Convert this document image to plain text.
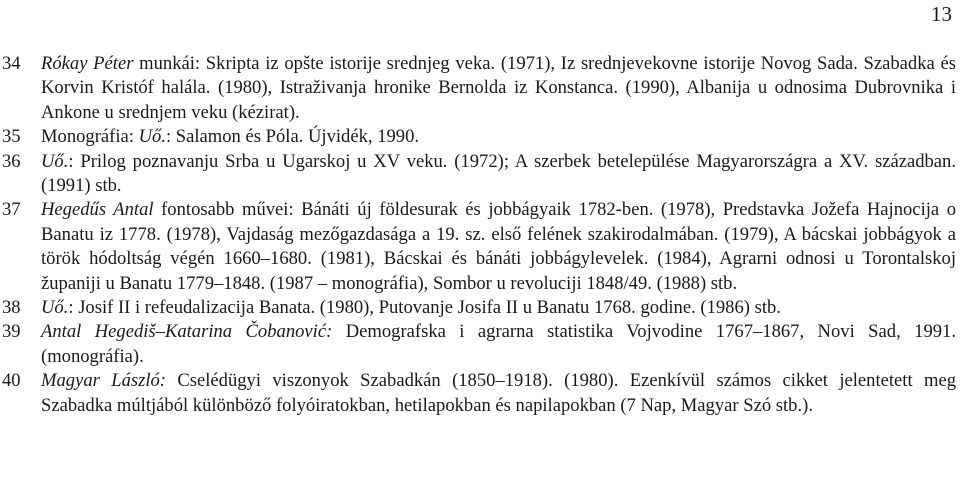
13
34	Rókay Péter munkái: Skripta iz opšte istorije srednjeg veka. (1971), Iz srednjevekovne istorije Novog Sada. Szabadka és Korvin Kristóf halála. (1980), Istraživanja hronike Bernolda iz Konstanca. (1990), Albanija u odnosima Dubrovnika i Ankone u srednjem veku (kézirat).
35	Monográfia: Uő.: Salamon és Póla. Újvidék, 1990.
36	Uő.: Prilog poznavanju Srba u Ugarskoj u XV veku. (1972); A szerbek betelepülése Magyarországra a XV. században. (1991) stb.
37	Hegedűs Antal fontosabb művei: Bánáti új földesurak és jobbágyaik 1782-ben. (1978), Predstavka Jožefa Hajnocija o Banatu iz 1778. (1978), Vajdaság mezőgazdasága a 19. sz. első felének szakirodalmában. (1979), A bácskai jobbágyok a török hódoltság végén 1660–1680. (1981), Bácskai és bánáti jobbágylevelek. (1984), Agrarni odnosi u Torontalskoj županiji u Banatu 1779–1848. (1987 – monográfia), Sombor u revoluciji 1848/49. (1988) stb.
38	Uő.: Josif II i refeudalizacija Banata. (1980), Putovanje Josifa II u Banatu 1768. godine. (1986) stb.
39	Antal Hegediš–Katarina Čobanović: Demografska i agrarna statistika Vojvodine 1767–1867, Novi Sad, 1991. (monográfia).
40	Magyar László: Cselédügyi viszonyok Szabadkán (1850–1918). (1980). Ezenkívül számos cikket jelentetett meg Szabadka múltjából különböző folyóiratokban, hetilapokban és napilapokban (7 Nap, Magyar Szó stb.).
